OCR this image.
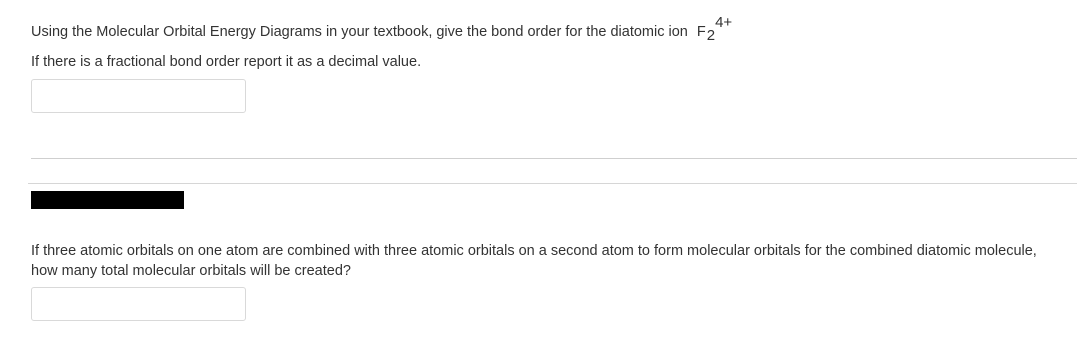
Using the Molecular Orbital Energy Diagrams in your textbook, give the bond order for the diatomic ion F24+
If there is a fractional bond order report it as a decimal value.
If three atomic orbitals on one atom are combined with three atomic orbitals on a second atom to form molecular orbitals for the combined diatomic molecule, how many total molecular orbitals will be created?
